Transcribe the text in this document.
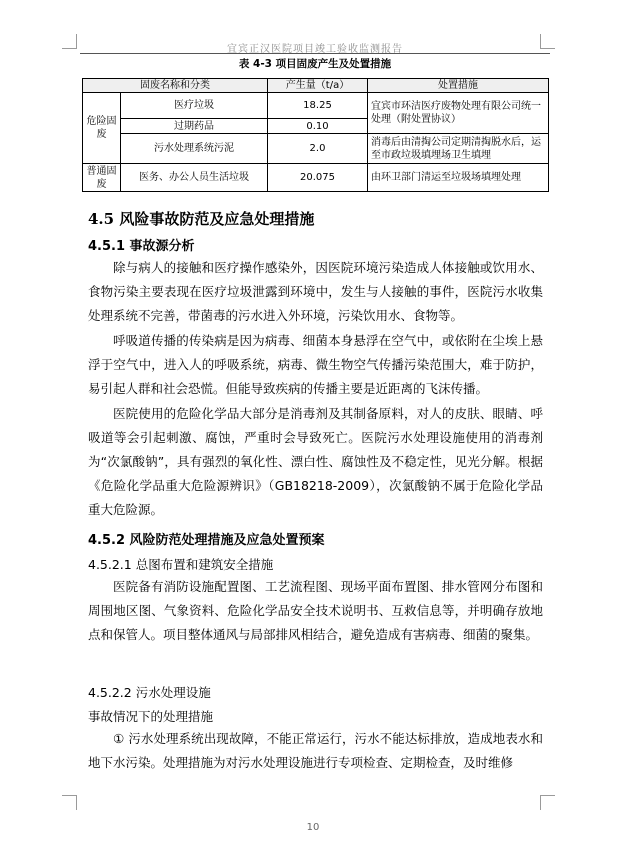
宜宾正汉医院项目竣工验收监测报告
表 4-3 项目固废产生及处置措施
固废名称和分类		产生量（t/a）	处置措施
危险固废	医疗垃圾	18.25	宜宾市环洁医疗废物处理有限公司统一处理（附处置协议）
	过期药品	0.10	
	污水处理系统污泥	2.0	消毒后由清掏公司定期清掏脱水后，运至市政垃圾填埋场卫生填埋
普通固废	医务、办公人员生活垃圾	20.075	由环卫部门清运至垃圾场填埋处理
4.5 风险事故防范及应急处理措施
4.5.1 事故源分析
除与病人的接触和医疗操作感染外，因医院环境污染造成人体接触或饮用水、食物污染主要表现在医疗垃圾泄露到环境中，发生与人接触的事件，医院污水收集处理系统不完善，带菌毒的污水进入外环境，污染饮用水、食物等。
呼吸道传播的传染病是因为病毒、细菌本身悬浮在空气中，或依附在尘埃上悬浮于空气中，进入人的呼吸系统，病毒、微生物空气传播污染范围大，难于防护，易引起人群和社会恐慌。但能导致疾病的传播主要是近距离的飞沫传播。
医院使用的危险化学品大部分是消毒剂及其制备原料，对人的皮肤、眼睛、呼吸道等会引起刺激、腐蚀，严重时会导致死亡。医院污水处理设施使用的消毒剂为“次氯酸钠”，具有强烈的氧化性、漂白性、腐蚀性及不稳定性，见光分解。根据《危险化学品重大危险源辨识》（GB18218-2009），次氯酸钠不属于危险化学品重大危险源。
4.5.2 风险防范处理措施及应急处置预案
4.5.2.1 总图布置和建筑安全措施
医院备有消防设施配置图、工艺流程图、现场平面布置图、排水管网分布图和周围地区图、气象资料、危险化学品安全技术说明书、互救信息等，并明确存放地点和保管人。项目整体通风与局部排风相结合，避免造成有害病毒、细菌的聚集。
4.5.2.2 污水处理设施
事故情况下的处理措施
① 污水处理系统出现故障，不能正常运行，污水不能达标排放，造成地表水和地下水污染。处理措施为对污水处理设施进行专项检查、定期检查，及时维修
10
